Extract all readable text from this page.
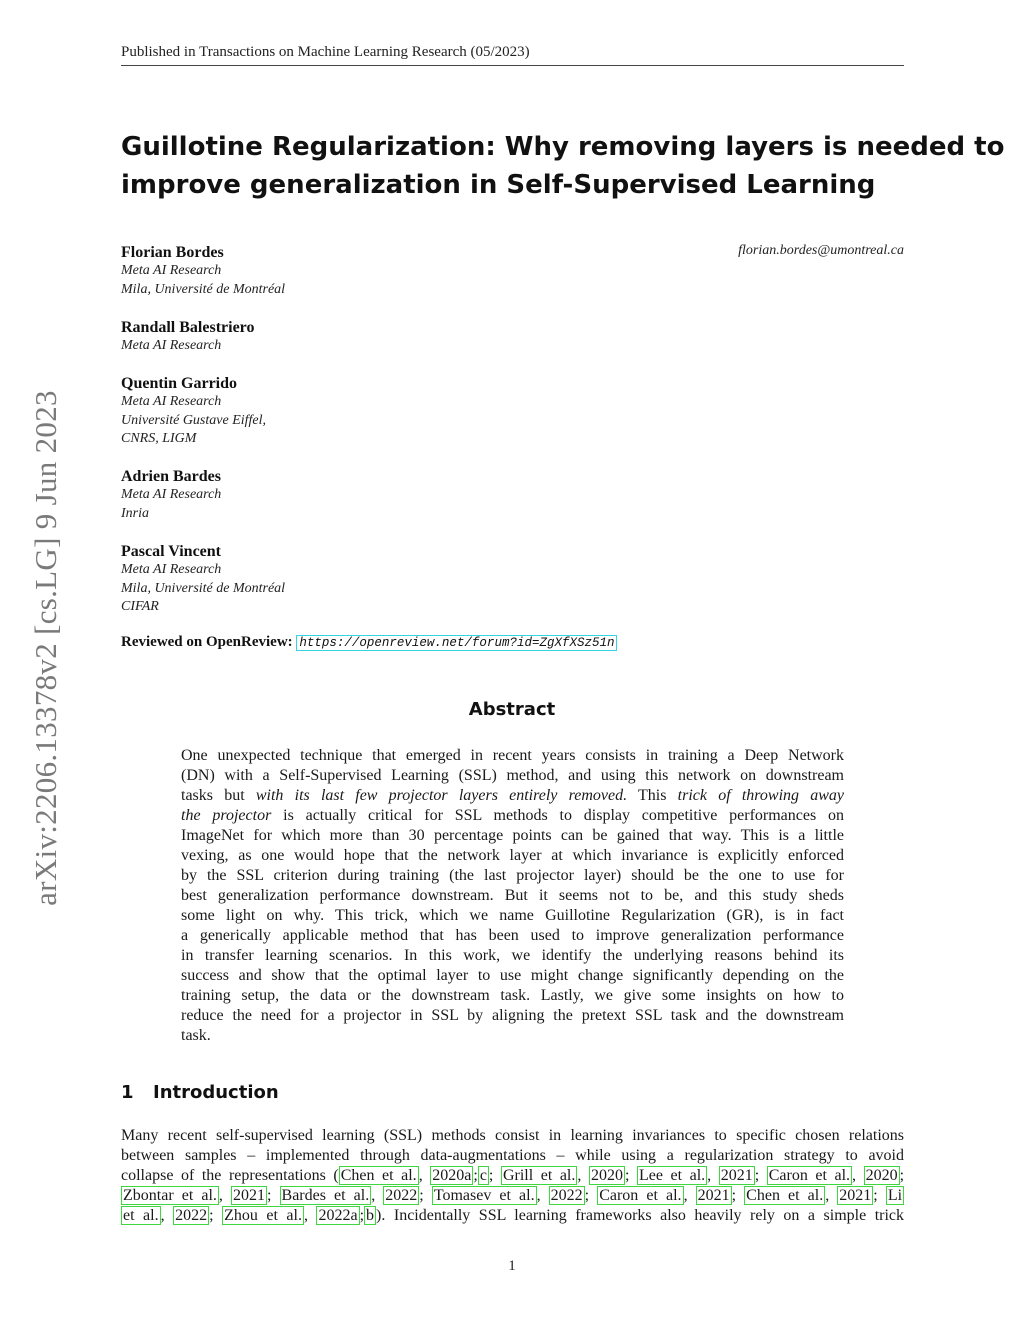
Published in Transactions on Machine Learning Research (05/2023)
arXiv:2206.13378v2 [cs.LG] 9 Jun 2023
Guillotine Regularization: Why removing layers is needed to
improve generalization in Self-Supervised Learning
florian.bordes@umontreal.ca
Florian Bordes
Meta AI Research
Mila, Université de Montréal
Randall Balestriero
Meta AI Research
Quentin Garrido
Meta AI Research
Université Gustave Eiffel,
CNRS, LIGM
Adrien Bardes
Meta AI Research
Inria
Pascal Vincent
Meta AI Research
Mila, Université de Montréal
CIFAR
Reviewed on OpenReview: https://openreview.net/forum?id=ZgXfXSz51n
Abstract
One unexpected technique that emerged in recent years consists in training a Deep Network
(DN) with a Self-Supervised Learning (SSL) method, and using this network on downstream
tasks but with its last few projector layers entirely removed. This trick of throwing away
the projector is actually critical for SSL methods to display competitive performances on
ImageNet for which more than 30 percentage points can be gained that way. This is a little
vexing, as one would hope that the network layer at which invariance is explicitly enforced
by the SSL criterion during training (the last projector layer) should be the one to use for
best generalization performance downstream. But it seems not to be, and this study sheds
some light on why. This trick, which we name Guillotine Regularization (GR), is in fact
a generically applicable method that has been used to improve generalization performance
in transfer learning scenarios. In this work, we identify the underlying reasons behind its
success and show that the optimal layer to use might change significantly depending on the
training setup, the data or the downstream task. Lastly, we give some insights on how to
reduce the need for a projector in SSL by aligning the pretext SSL task and the downstream
task.
1 Introduction
Many recent self-supervised learning (SSL) methods consist in learning invariances to specific chosen relations
between samples – implemented through data-augmentations – while using a regularization strategy to avoid
collapse of the representations ( Chen et al. , 2020a ; c ; Grill et al. , 2020 ; Lee et al. , 2021 ; Caron et al. , 2020 ;
Zbontar et al. , 2021 ; Bardes et al. , 2022 ; Tomasev et al. , 2022 ; Caron et al. , 2021 ; Chen et al. , 2021 ; Li
et al. , 2022 ; Zhou et al. , 2022a ; b ). Incidentally SSL learning frameworks also heavily rely on a simple trick
1
